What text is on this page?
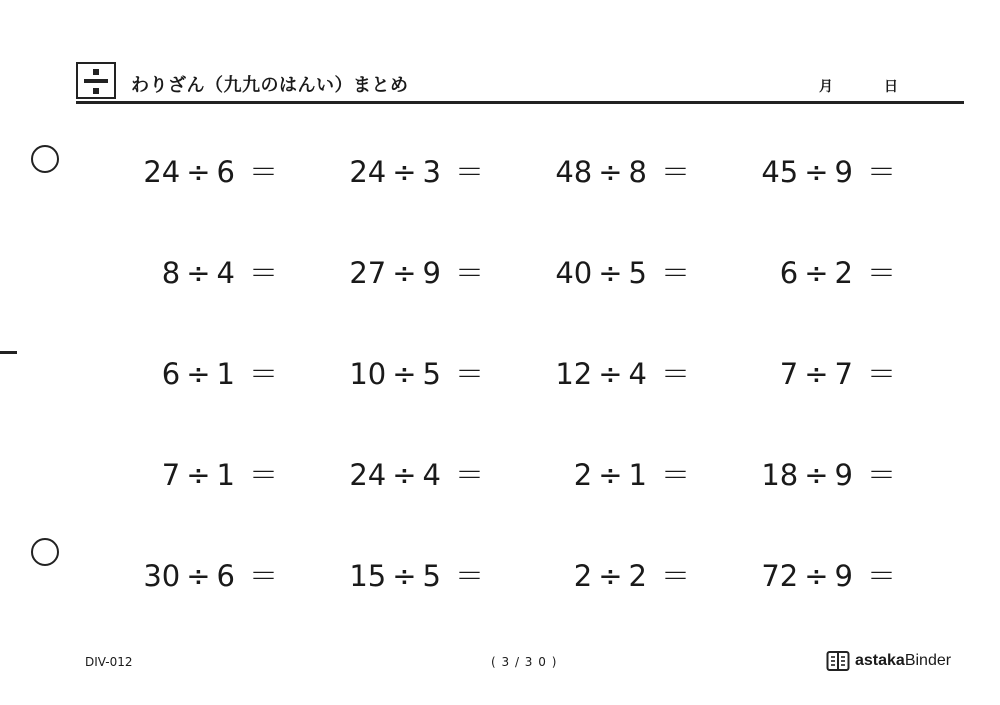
わりざん（九九のはんい）まとめ	月	日
24 ÷ 6 ＝	24 ÷ 3 ＝	48 ÷ 8 ＝	45 ÷ 9 ＝
8 ÷ 4 ＝	27 ÷ 9 ＝	40 ÷ 5 ＝	6 ÷ 2 ＝
6 ÷ 1 ＝	10 ÷ 5 ＝	12 ÷ 4 ＝	7 ÷ 7 ＝
7 ÷ 1 ＝	24 ÷ 4 ＝	2 ÷ 1 ＝	18 ÷ 9 ＝
30 ÷ 6 ＝	15 ÷ 5 ＝	2 ÷ 2 ＝	72 ÷ 9 ＝
DIV-012	( 3 / 3 0 )	astaka Binder
